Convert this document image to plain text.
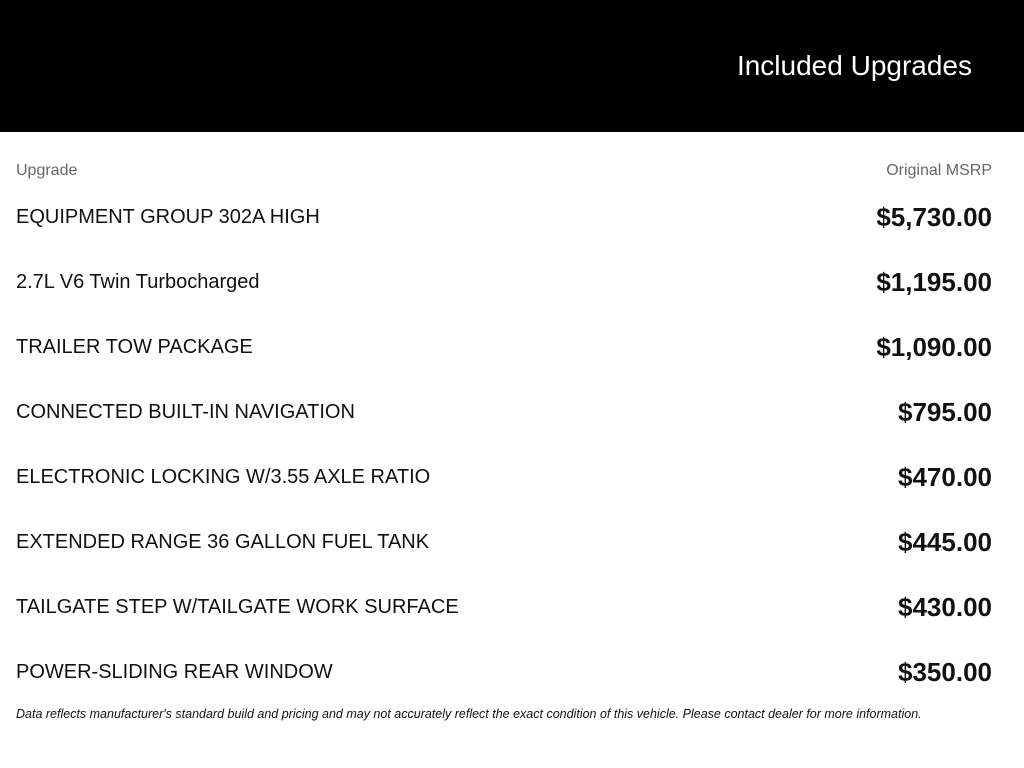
Included Upgrades
Upgrade	Original MSRP
EQUIPMENT GROUP 302A HIGH	$5,730.00
2.7L V6 Twin Turbocharged	$1,195.00
TRAILER TOW PACKAGE	$1,090.00
CONNECTED BUILT-IN NAVIGATION	$795.00
ELECTRONIC LOCKING W/3.55 AXLE RATIO	$470.00
EXTENDED RANGE 36 GALLON FUEL TANK	$445.00
TAILGATE STEP W/TAILGATE WORK SURFACE	$430.00
POWER-SLIDING REAR WINDOW	$350.00

Data reflects manufacturer's standard build and pricing and may not accurately reflect the exact condition of this vehicle. Please contact dealer for more information.
